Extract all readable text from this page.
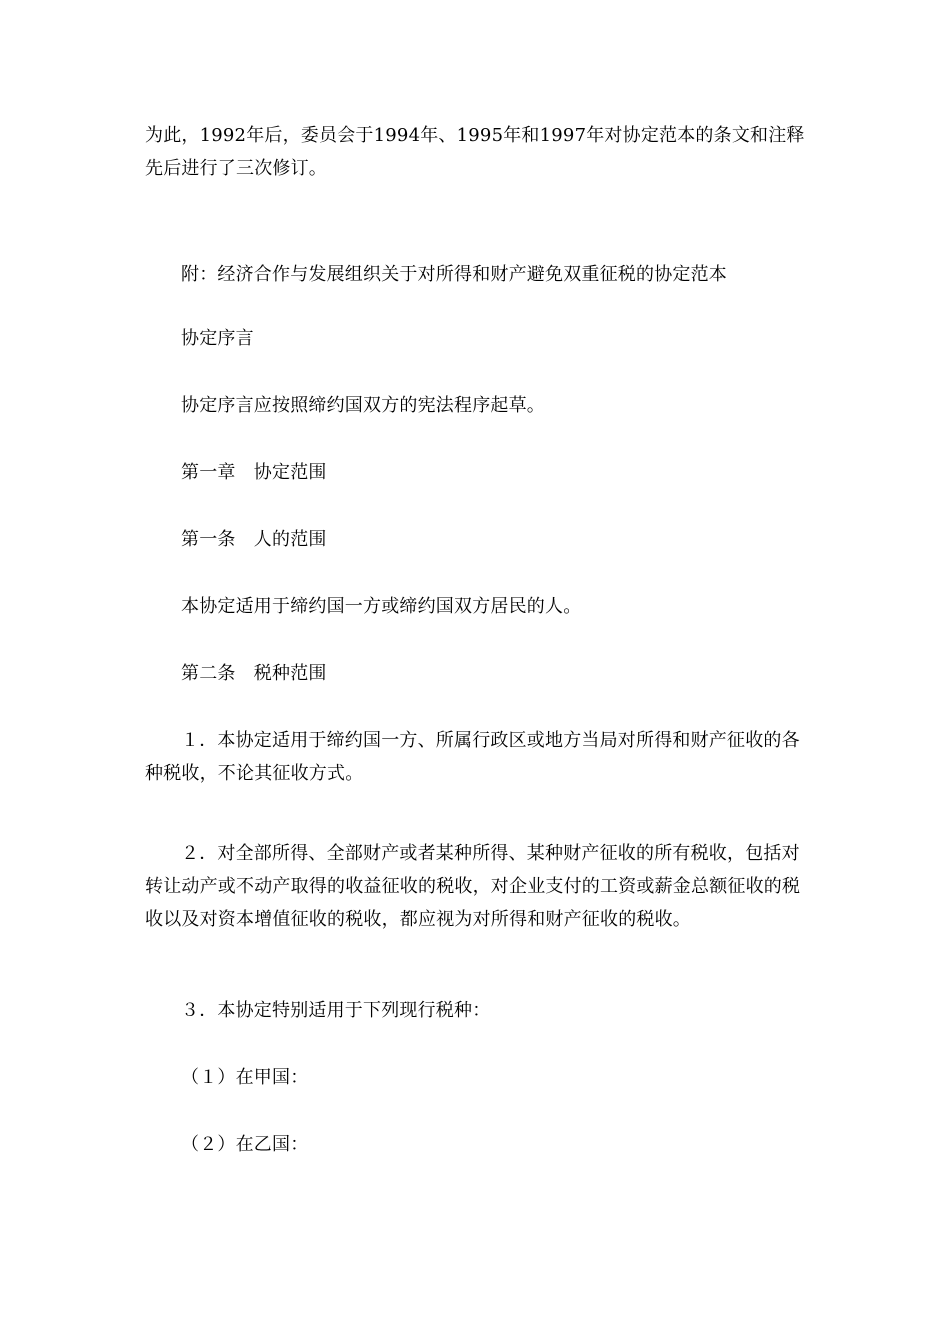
为此，1992年后，委员会于1994年、1995年和1997年对协定范本的条文和注释先后进行了三次修订。

附：经济合作与发展组织关于对所得和财产避免双重征税的协定范本

协定序言

协定序言应按照缔约国双方的宪法程序起草。

第一章　协定范围

第一条　人的范围

本协定适用于缔约国一方或缔约国双方居民的人。

第二条　税种范围

１．本协定适用于缔约国一方、所属行政区或地方当局对所得和财产征收的各种税收，不论其征收方式。

２．对全部所得、全部财产或者某种所得、某种财产征收的所有税收，包括对转让动产或不动产取得的收益征收的税收，对企业支付的工资或薪金总额征收的税收以及对资本增值征收的税收，都应视为对所得和财产征收的税收。

３．本协定特别适用于下列现行税种：

（１）在甲国：

（２）在乙国：
